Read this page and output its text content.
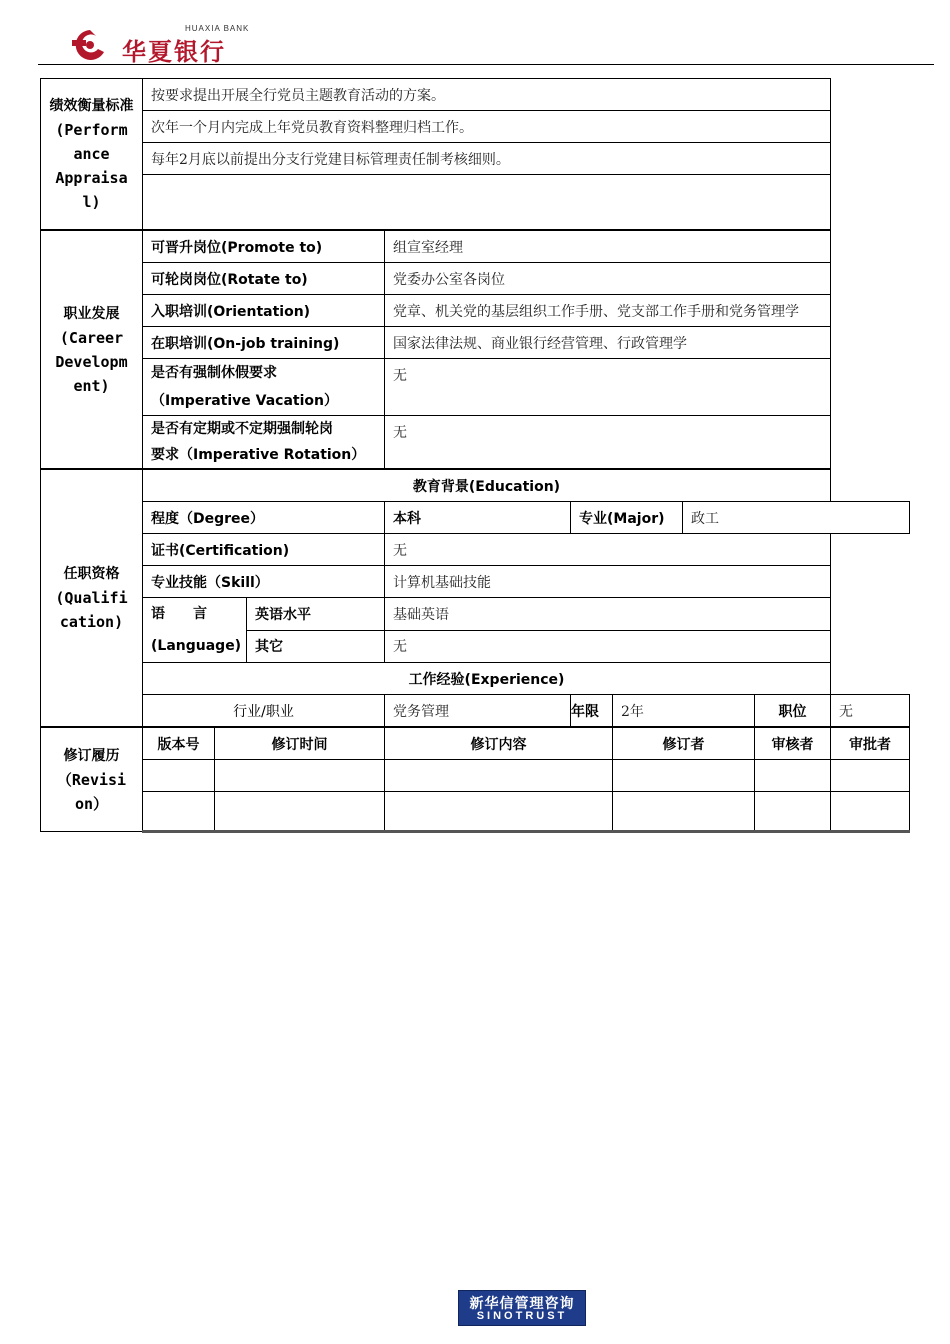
华夏银行
HUAXIA BANK
绩效衡量标准
(Perform
ance
Appraisa
l)	按要求提出开展全行党员主题教育活动的方案。								
	次年一个月内完成上年党员教育资料整理归档工作。								
	每年2月底以前提出分支行党建目标管理责任制考核细则。								

职业发展
(Career
Developm
ent)	可晋升岗位(Promote to)			组宣室经理					
	可轮岗岗位(Rotate to)			党委办公室各岗位					
	入职培训(Orientation)			党章、机关党的基层组织工作手册、党支部工作手册和党务管理学					
	在职培训(On-job training)			国家法律法规、商业银行经营管理、行政管理学					

	是否有强制休假要求
（Imperative Vacation）			无					

	是否有定期或不定期强制轮岗
要求（Imperative Rotation）			无					

任职资格
(Qualifi
cation)	教育背景(Education)								
	程度（Degree）			本科	专业(Major)		政工		
	证书(Certification)			无					
	专业技能（Skill）			计算机基础技能					

	语　　言
(Language)		英语水平	基础英语					
			其它	无					
	工作经验(Experience)								
	行业/职业			党务管理	年限	2年		职位	无

修订履历
（Revisi
on）	版本号	修订时间		修订内容		修订者		审核者	审批者

新华信管理咨询
SINOTRUST
